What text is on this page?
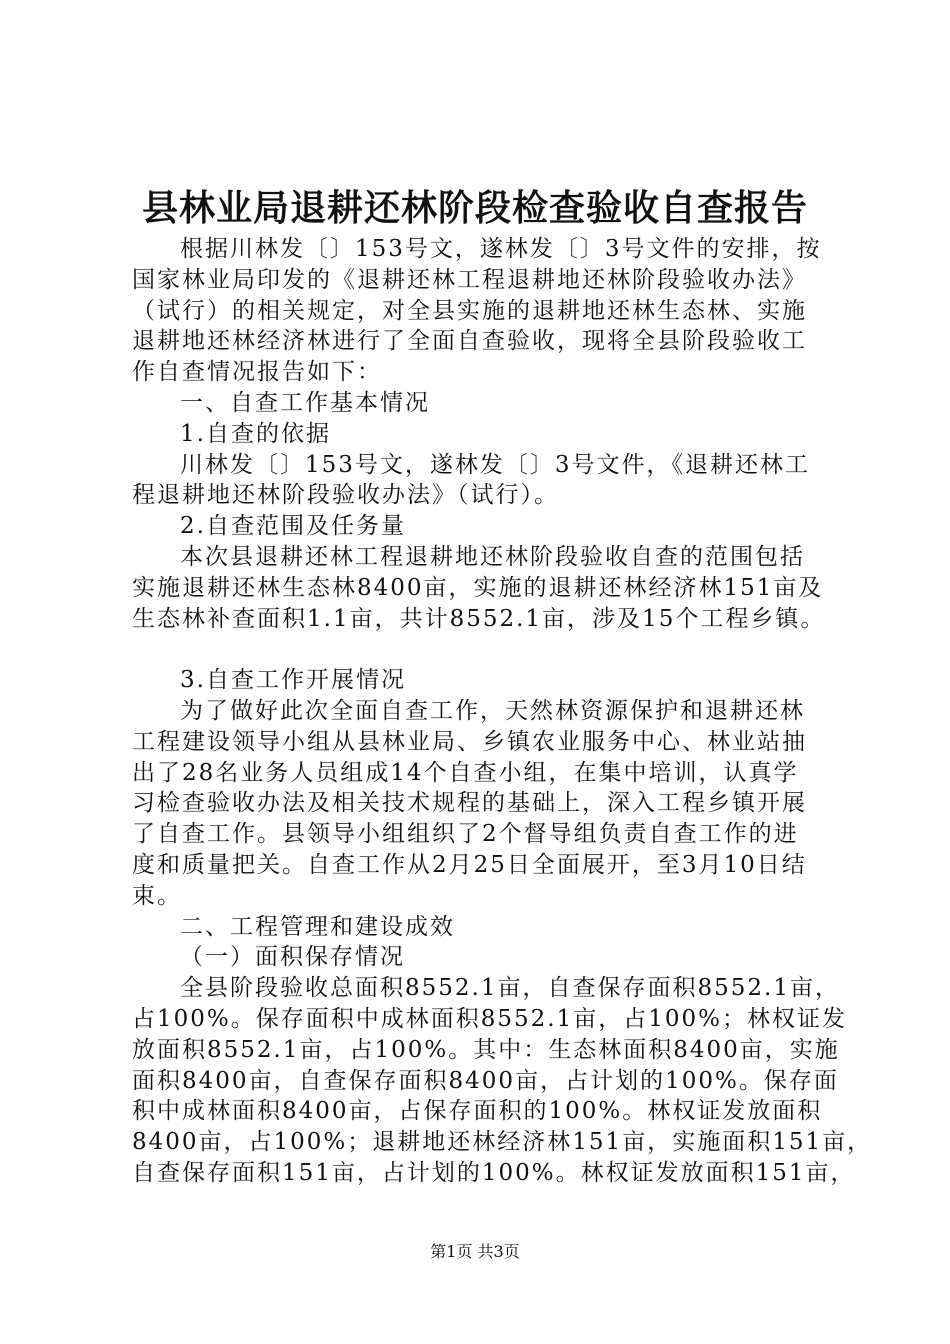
县林业局退耕还林阶段检查验收自查报告
根据川林发〔〕153号文，遂林发〔〕3号文件的安排，按
国家林业局印发的《退耕还林工程退耕地还林阶段验收办法》
（试行）的相关规定，对全县实施的退耕地还林生态林、实施
退耕地还林经济林进行了全面自查验收，现将全县阶段验收工
作自查情况报告如下：
一、自查工作基本情况
1.自查的依据
川林发〔〕153号文，遂林发〔〕3号文件，《退耕还林工
程退耕地还林阶段验收办法》（试行）。
2.自查范围及任务量
本次县退耕还林工程退耕地还林阶段验收自查的范围包括
实施退耕还林生态林8400亩，实施的退耕还林经济林151亩及
生态林补查面积1.1亩，共计8552.1亩，涉及15个工程乡镇。
3.自查工作开展情况
为了做好此次全面自查工作，天然林资源保护和退耕还林
工程建设领导小组从县林业局、乡镇农业服务中心、林业站抽
出了28名业务人员组成14个自查小组，在集中培训，认真学
习检查验收办法及相关技术规程的基础上，深入工程乡镇开展
了自查工作。县领导小组组织了2个督导组负责自查工作的进
度和质量把关。自查工作从2月25日全面展开，至3月10日结
束。
二、工程管理和建设成效
（一）面积保存情况
全县阶段验收总面积8552.1亩，自查保存面积8552.1亩，
占100%。保存面积中成林面积8552.1亩，占100%；林权证发
放面积8552.1亩，占100%。其中：生态林面积8400亩，实施
面积8400亩，自查保存面积8400亩，占计划的100%。保存面
积中成林面积8400亩，占保存面积的100%。林权证发放面积
8400亩，占100%；退耕地还林经济林151亩，实施面积151亩，
自查保存面积151亩，占计划的100%。林权证发放面积151亩，
第1页 共3页
